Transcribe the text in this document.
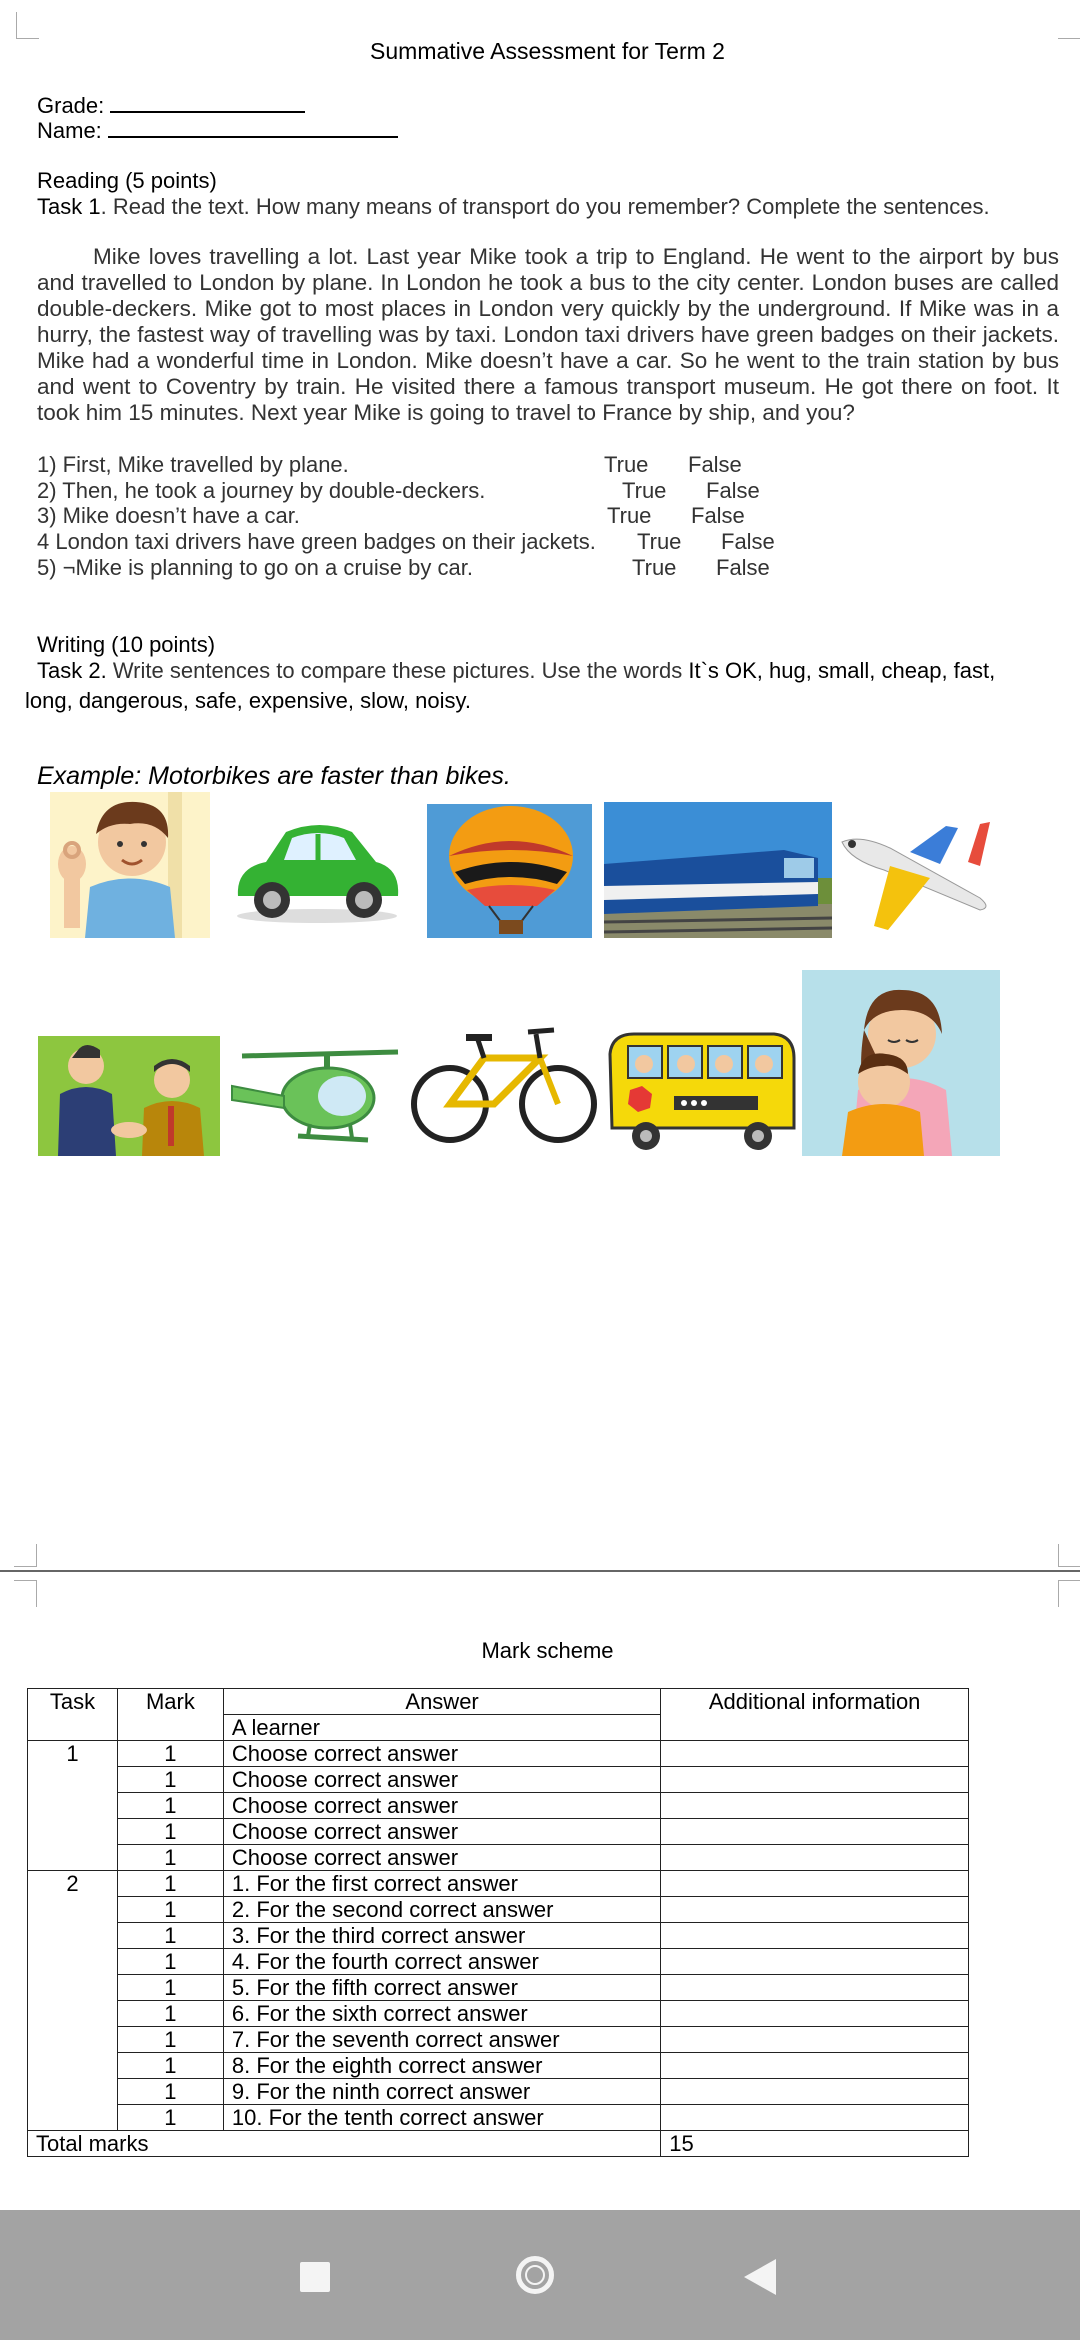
Summative Assessment for Term 2
Grade:
Name:
Reading (5 points)
Task 1. Read the text. How many means of transport do you remember? Complete the sentences.
Mike loves travelling a lot. Last year Mike took a trip to England. He went to the airport by bus and travelled to London by plane. In London he took a bus to the city center. London buses are called double-deckers. Mike got to most places in London very quickly by the underground. If Mike was in a hurry, the fastest way of travelling was by taxi. London taxi drivers have green badges on their jackets. Mike had a wonderful time in London. Mike doesn’t have a car. So he went to the train station by bus and went to Coventry by train. He visited there a famous transport museum. He got there on foot. It took him 15 minutes. Next year Mike is going to travel to France by ship, and you?
1) First, Mike travelled by plane.	True False
2) Then, he took a journey by double-deckers.	True False
3) Mike doesn’t have a car.	True False
4 London taxi drivers have green badges on their jackets. True False
5) ¬Mike is planning to go on a cruise by car.	True False
Writing (10 points)
Task 2. Write sentences to compare these pictures. Use the words It`s OK, hug, small, cheap, fast,
long, dangerous, safe, expensive, slow, noisy.
Example: Motorbikes are faster than bikes.
Mark scheme
Task	Mark	Answer	Additional information
		A learner	
1	1	Choose correct answer	
	1	Choose correct answer	
	1	Choose correct answer	
	1	Choose correct answer	
	1	Choose correct answer	
2	1	1. For the first correct answer	
	1	2. For the second correct answer	
	1	3. For the third correct answer	
	1	4. For the fourth correct answer	
	1	5. For the fifth correct answer	
	1	6. For the sixth correct answer	
	1	7. For the seventh correct answer	
	1	8. For the eighth correct answer	
	1	9. For the ninth correct answer	
	1	10. For the tenth correct answer	
Total marks			15
